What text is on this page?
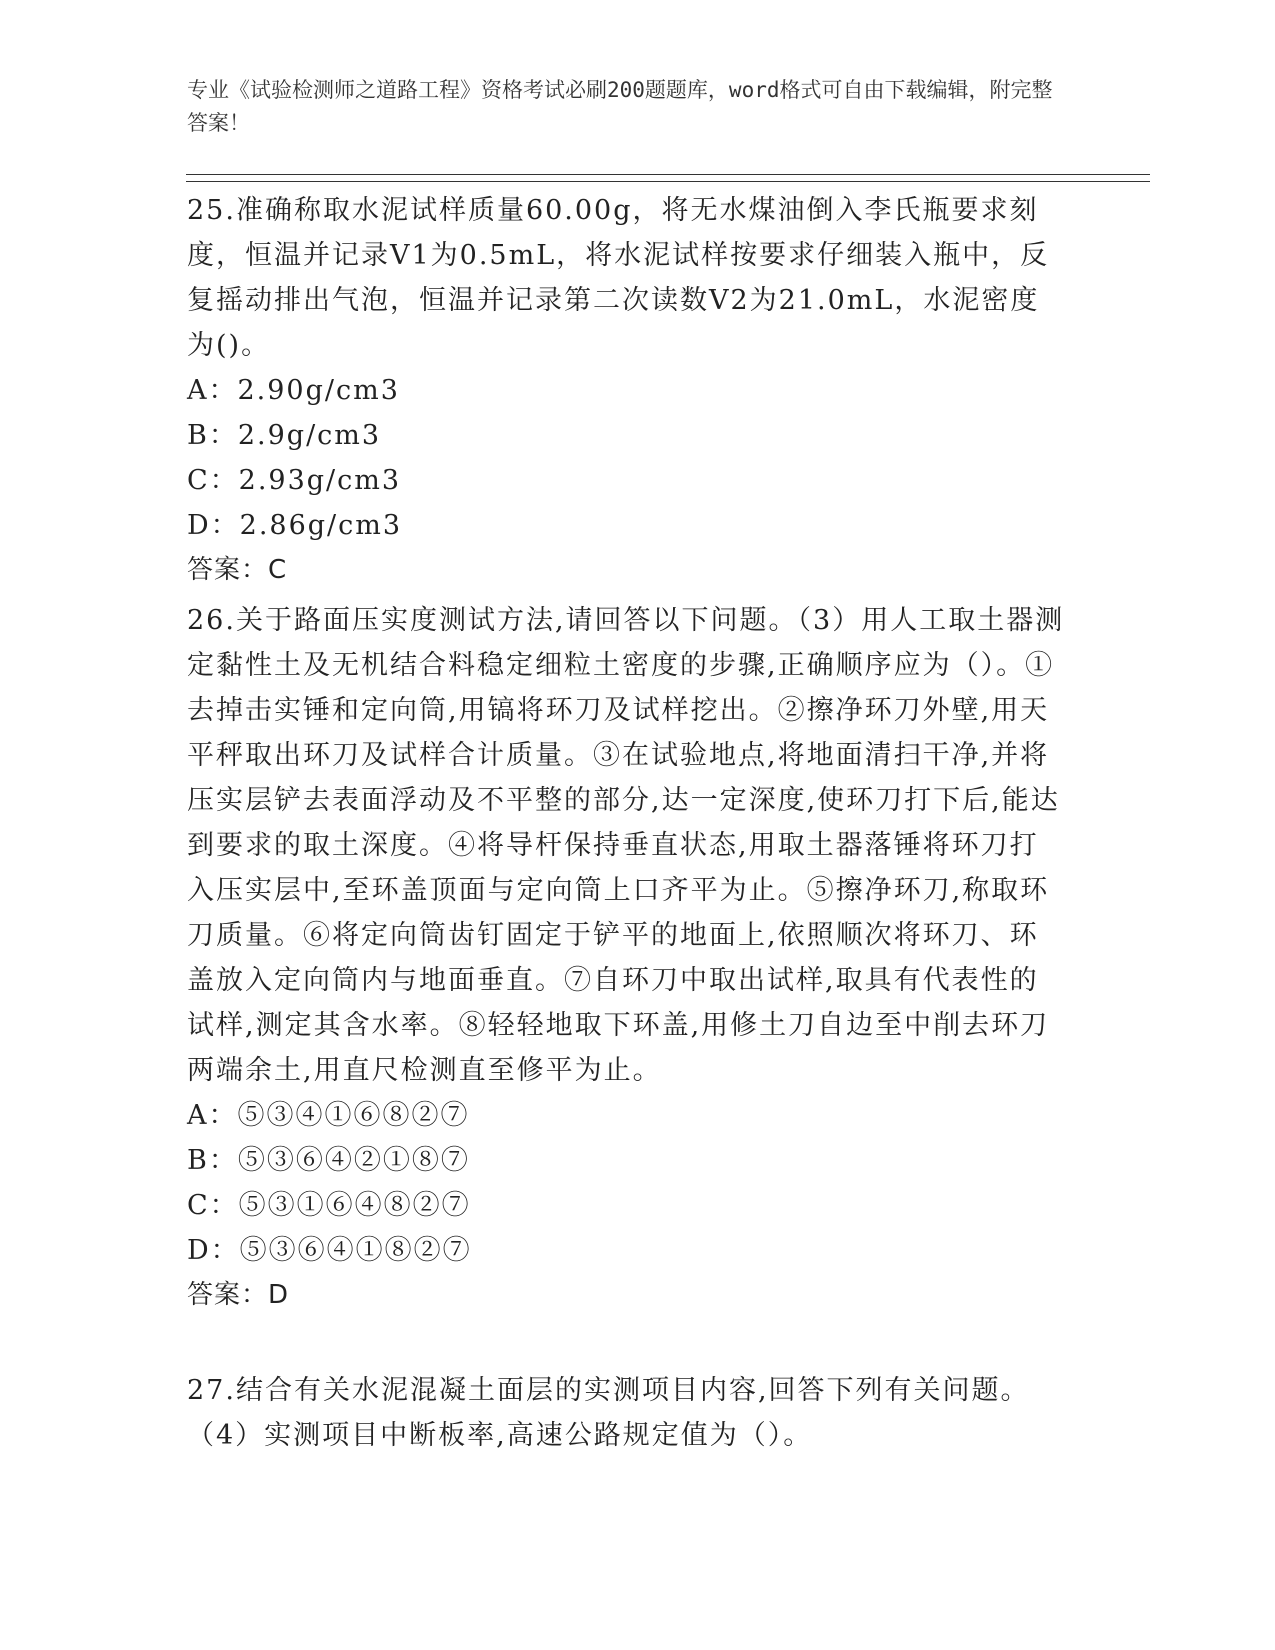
专业《试验检测师之道路工程》资格考试必刷200题题库，word格式可自由下载编辑，附完整答案！

25.准确称取水泥试样质量60.00g，将无水煤油倒入李氏瓶要求刻度，恒温并记录V1为0.5mL，将水泥试样按要求仔细装入瓶中，反复摇动排出气泡，恒温并记录第二次读数V2为21.0mL，水泥密度为()。

A：2.90g/cm3
B：2.9g/cm3
C：2.93g/cm3
D：2.86g/cm3
答案：C

26.关于路面压实度测试方法,请回答以下问题。（3）用人工取土器测定黏性土及无机结合料稳定细粒土密度的步骤,正确顺序应为（）。①去掉击实锤和定向筒,用镐将环刀及试样挖出。②擦净环刀外壁,用天平秤取出环刀及试样合计质量。③在试验地点,将地面清扫干净,并将压实层铲去表面浮动及不平整的部分,达一定深度,使环刀打下后,能达到要求的取土深度。④将导杆保持垂直状态,用取土器落锤将环刀打入压实层中,至环盖顶面与定向筒上口齐平为止。⑤擦净环刀,称取环刀质量。⑥将定向筒齿钉固定于铲平的地面上,依照顺次将环刀、环盖放入定向筒内与地面垂直。⑦自环刀中取出试样,取具有代表性的试样,测定其含水率。⑧轻轻地取下环盖,用修土刀自边至中削去环刀两端余土,用直尺检测直至修平为止。

A：⑤③④①⑥⑧②⑦
B：⑤③⑥④②①⑧⑦
C：⑤③①⑥④⑧②⑦
D：⑤③⑥④①⑧②⑦
答案：D

27.结合有关水泥混凝土面层的实测项目内容,回答下列有关问题。（4）实测项目中断板率,高速公路规定值为（）。
